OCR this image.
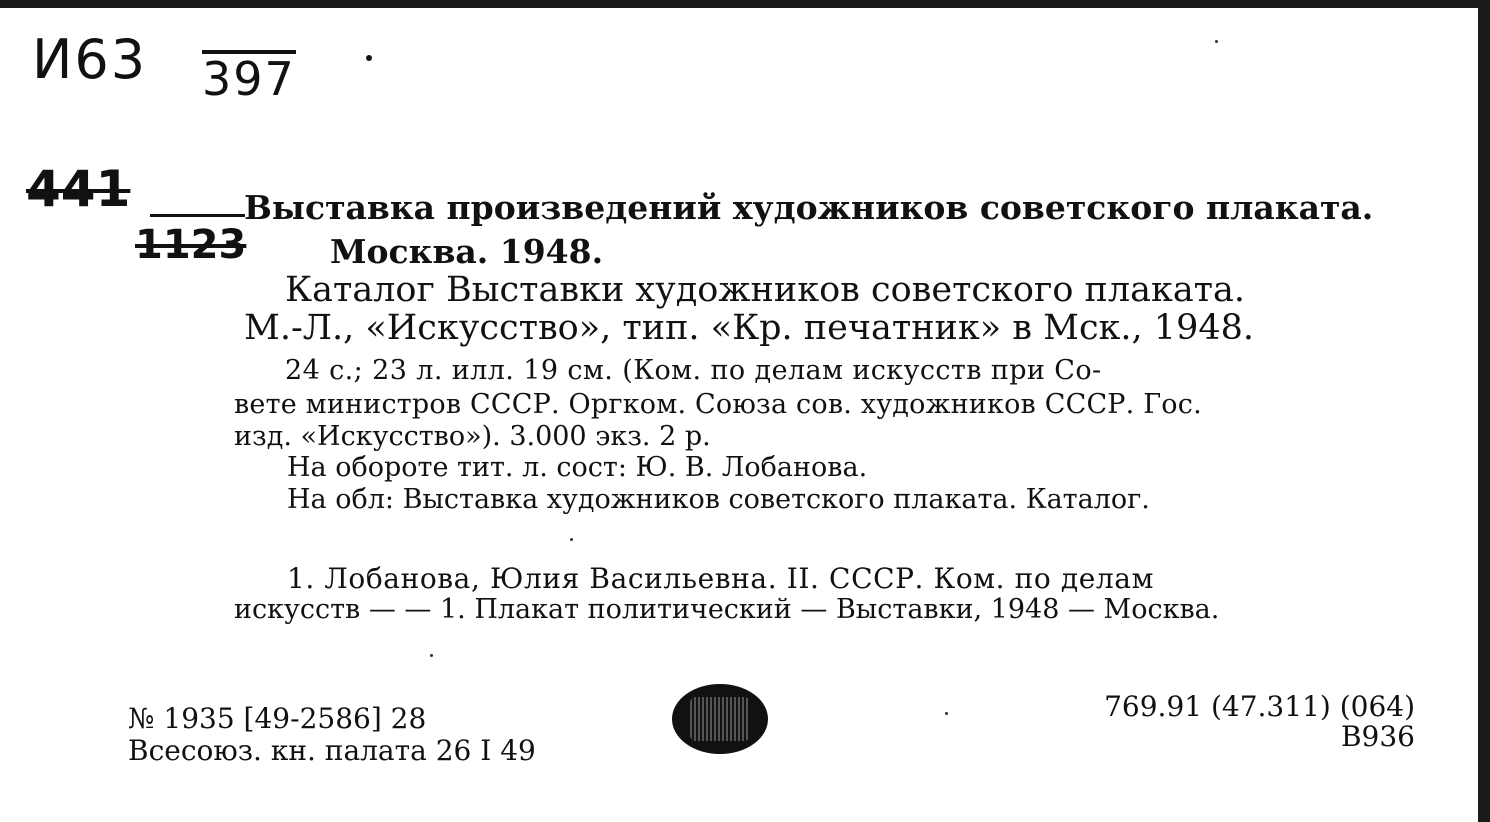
И63 397
441
1123
Выставка произведений художников советского плаката.
Москва. 1948.
Каталог Выставки художников советского плаката.
М.-Л., «Искусство», тип. «Кр. печатник» в Мск., 1948.
24 с.; 23 л. илл. 19 см. (Ком. по делам искусств при Со-
вете министров СССР. Оргком. Союза сов. художников СССР. Гос.
изд. «Искусство»). 3.000 экз. 2 р.
На обороте тит. л. сост: Ю. В. Лобанова.
На обл: Выставка художников советского плаката. Каталог.
1. Лобанова, Юлия Васильевна. II. СССР. Ком. по делам
искусств — — 1. Плакат политический — Выставки, 1948 — Москва.
№ 1935 [49-2586] 28
Всесоюз. кн. палата 26 I 49
769.91 (47.311) (064)
В936
